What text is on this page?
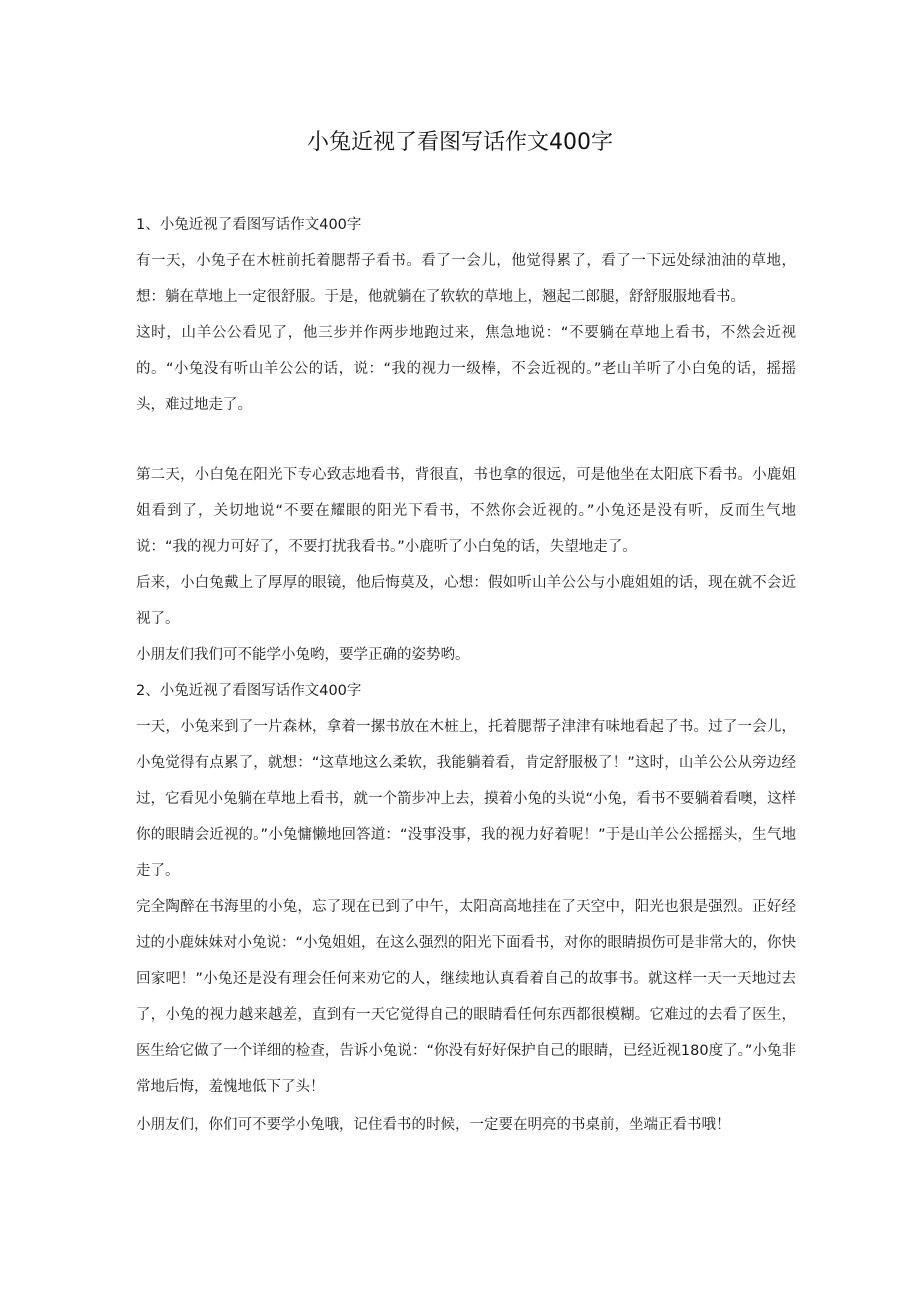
小兔近视了看图写话作文400字

1、小兔近视了看图写话作文400字

有一天，小兔子在木桩前托着腮帮子看书。看了一会儿，他觉得累了，看了一下远处绿油油的草地，想：躺在草地上一定很舒服。于是，他就躺在了软软的草地上，翘起二郎腿，舒舒服服地看书。

这时，山羊公公看见了，他三步并作两步地跑过来，焦急地说：“不要躺在草地上看书，不然会近视的。“小兔没有听山羊公公的话，说：“我的视力一级棒，不会近视的。”老山羊听了小白兔的话，摇摇头，难过地走了。

第二天，小白兔在阳光下专心致志地看书，背很直，书也拿的很远，可是他坐在太阳底下看书。小鹿姐姐看到了，关切地说“不要在耀眼的阳光下看书，不然你会近视的。”小兔还是没有听，反而生气地说：“我的视力可好了，不要打扰我看书。”小鹿听了小白兔的话，失望地走了。

后来，小白兔戴上了厚厚的眼镜，他后悔莫及，心想：假如听山羊公公与小鹿姐姐的话，现在就不会近视了。

小朋友们我们可不能学小兔哟，要学正确的姿势哟。

2、小兔近视了看图写话作文400字

一天，小兔来到了一片森林，拿着一摞书放在木桩上，托着腮帮子津津有味地看起了书。过了一会儿，小兔觉得有点累了，就想：“这草地这么柔软，我能躺着看，肯定舒服极了！”这时，山羊公公从旁边经过，它看见小兔躺在草地上看书，就一个箭步冲上去，摸着小兔的头说“小兔，看书不要躺着看噢，这样你的眼睛会近视的。”小兔慵懒地回答道：“没事没事，我的视力好着呢！”于是山羊公公摇摇头，生气地走了。

完全陶醉在书海里的小兔，忘了现在已到了中午，太阳高高地挂在了天空中，阳光也狠是强烈。正好经过的小鹿妹妹对小兔说：“小兔姐姐，在这么强烈的阳光下面看书，对你的眼睛损伤可是非常大的，你快回家吧！”小兔还是没有理会任何来劝它的人，继续地认真看着自己的故事书。就这样一天一天地过去了，小兔的视力越来越差，直到有一天它觉得自己的眼睛看任何东西都很模糊。它难过的去看了医生，医生给它做了一个详细的检查，告诉小兔说：“你没有好好保护自己的眼睛，已经近视180度了。”小兔非常地后悔，羞愧地低下了头！

小朋友们，你们可不要学小兔哦，记住看书的时候，一定要在明亮的书桌前，坐端正看书哦！
